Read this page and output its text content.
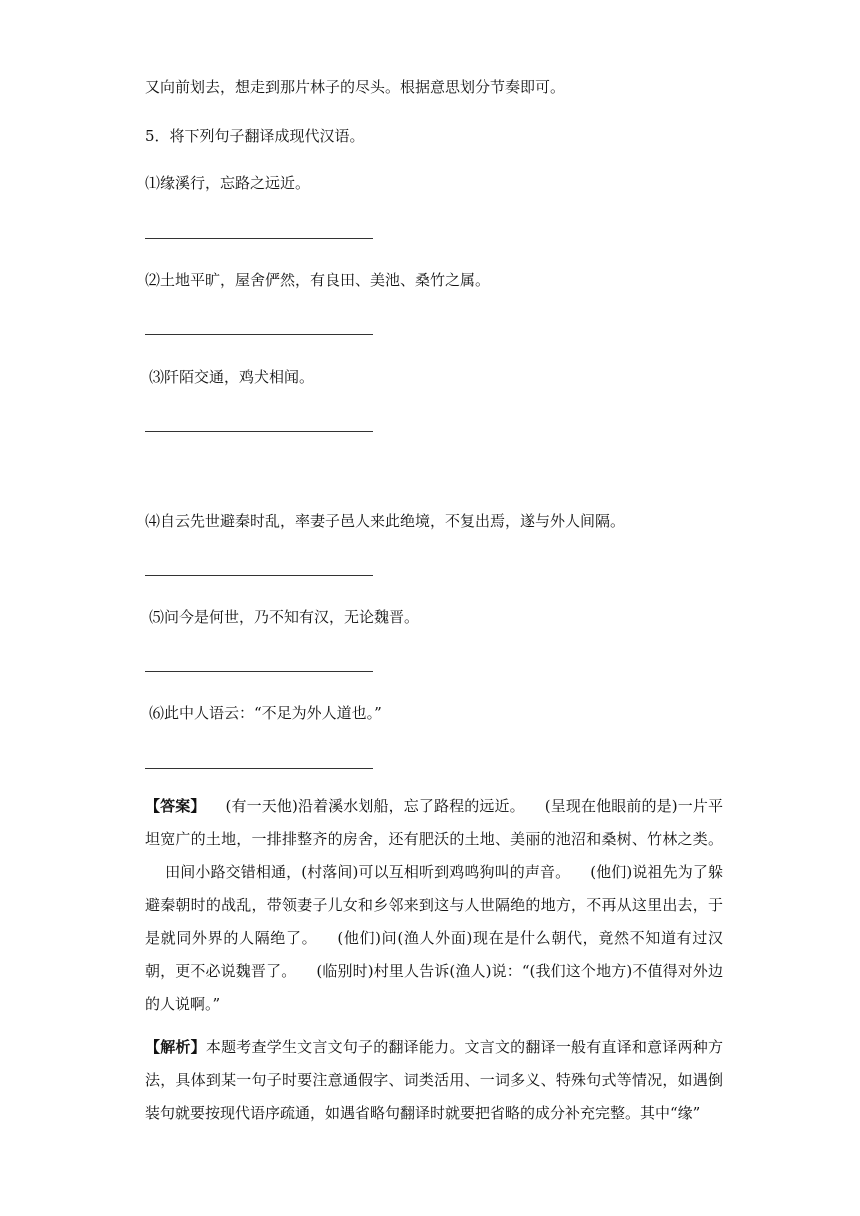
又向前划去，想走到那片林子的尽头。根据意思划分节奏即可。
5．将下列句子翻译成现代汉语。
⑴缘溪行，忘路之远近。
⑵土地平旷，屋舍俨然，有良田、美池、桑竹之属。
⑶阡陌交通，鸡犬相闻。
⑷自云先世避秦时乱，率妻子邑人来此绝境，不复出焉，遂与外人间隔。
⑸问今是何世，乃不知有汉，无论魏晋。
⑹此中人语云：“不足为外人道也。”
【答案】 (有一天他)沿着溪水划船，忘了路程的远近。 (呈现在他眼前的是)一片平坦宽广的土地，一排排整齐的房舍，还有肥沃的土地、美丽的池沼和桑树、竹林之类。田间小路交错相通，(村落间)可以互相听到鸡鸣狗叫的声音。 (他们)说祖先为了躲避秦朝时的战乱，带领妻子儿女和乡邻来到这与人世隔绝的地方，不再从这里出去，于是就同外界的人隔绝了。 (他们)问(渔人外面)现在是什么朝代，竟然不知道有过汉朝，更不必说魏晋了。 (临别时)村里人告诉(渔人)说：“(我们这个地方)不值得对外边的人说啊。”
【解析】本题考查学生文言文句子的翻译能力。文言文的翻译一般有直译和意译两种方法，具体到某一句子时要注意通假字、词类活用、一词多义、特殊句式等情况，如遇倒装句就要按现代语序疏通，如遇省略句翻译时就要把省略的成分补充完整。其中“缘”
